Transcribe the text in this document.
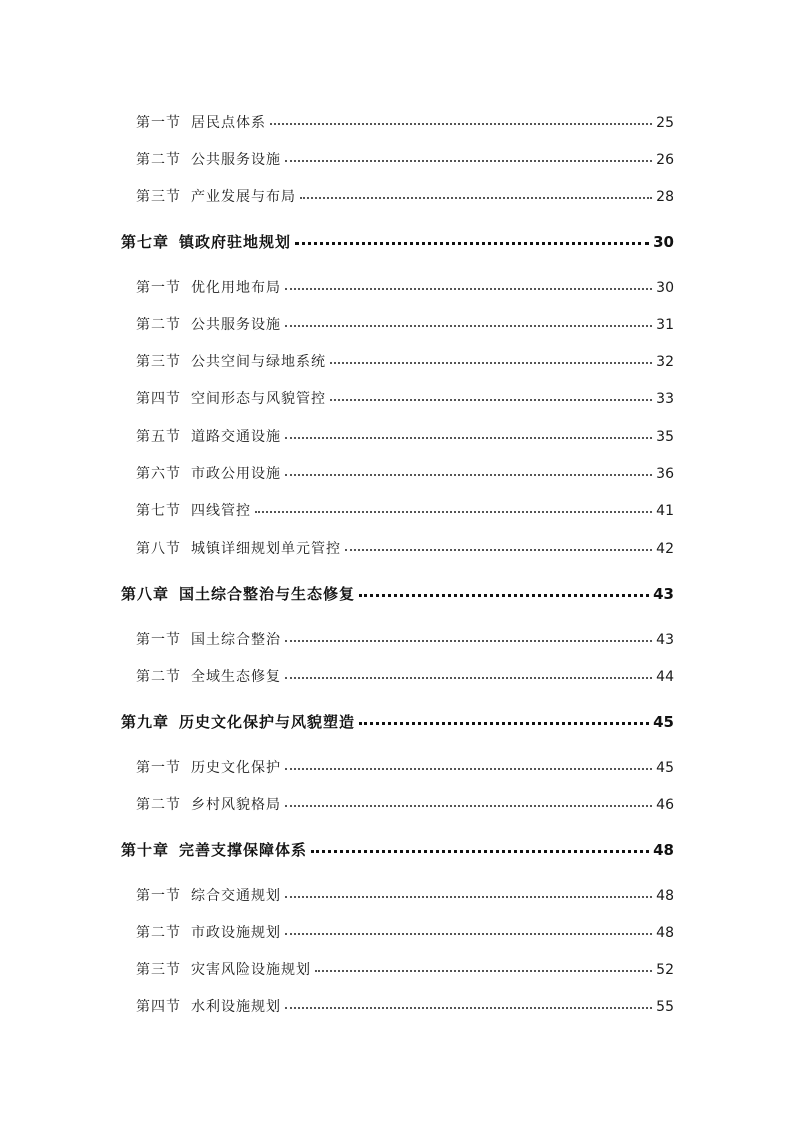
第一节 居民点体系	25
第二节 公共服务设施	26
第三节 产业发展与布局	28
第七章 镇政府驻地规划	30
第一节 优化用地布局	30
第二节 公共服务设施	31
第三节 公共空间与绿地系统	32
第四节 空间形态与风貌管控	33
第五节 道路交通设施	35
第六节 市政公用设施	36
第七节 四线管控	41
第八节 城镇详细规划单元管控	42
第八章 国土综合整治与生态修复	43
第一节 国土综合整治	43
第二节 全域生态修复	44
第九章 历史文化保护与风貌塑造	45
第一节 历史文化保护	45
第二节 乡村风貌格局	46
第十章 完善支撑保障体系	48
第一节 综合交通规划	48
第二节 市政设施规划	48
第三节 灾害风险设施规划	52
第四节 水利设施规划	55
